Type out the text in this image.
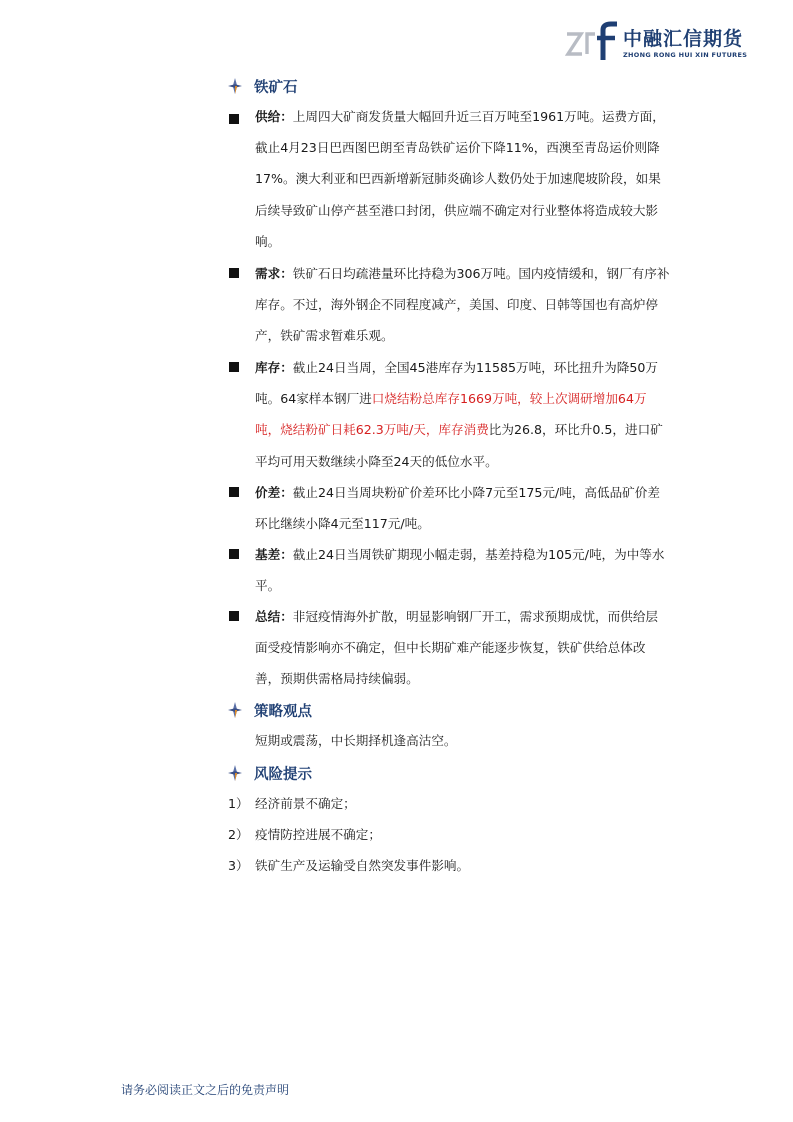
中融汇信期货
ZHONG RONG HUI XIN FUTURES
铁矿石
供给：上周四大矿商发货量大幅回升近三百万吨至1961万吨。运费方面，截止4月23日巴西图巴朗至青岛铁矿运价下降11%，西澳至青岛运价则降 17%。澳大利亚和巴西新增新冠肺炎确诊人数仍处于加速爬坡阶段，如果后续导致矿山停产甚至港口封闭，供应端不确定对行业整体将造成较大影响。
需求：铁矿石日均疏港量环比持稳为306万吨。国内疫情缓和，钢厂有序补库存。不过，海外钢企不同程度减产，美国、印度、日韩等国也有高炉停产，铁矿需求暂难乐观。
库存：截止24日当周，全国45港库存为11585万吨，环比扭升为降50万吨。64家样本钢厂进口烧结粉总库存1669万吨，较上次调研增加64万吨，烧结粉矿日耗62.3万吨/天，库存消费比为26.8，环比升0.5，进口矿平均可用天数继续小降至24天的低位水平。
价差：截止24日当周块粉矿价差环比小降7元至175元/吨，高低品矿价差环比继续小降4元至117元/吨。
基差：截止24日当周铁矿期现小幅走弱，基差持稳为105元/吨，为中等水平。
总结：非冠疫情海外扩散，明显影响钢厂开工，需求预期成忧，而供给层面受疫情影响亦不确定，但中长期矿难产能逐步恢复，铁矿供给总体改善，预期供需格局持续偏弱。
策略观点
短期或震荡，中长期择机逢高沽空。
风险提示
1） 经济前景不确定；
2） 疫情防控进展不确定；
3） 铁矿生产及运输受自然突发事件影响。
请务必阅读正文之后的免责声明
